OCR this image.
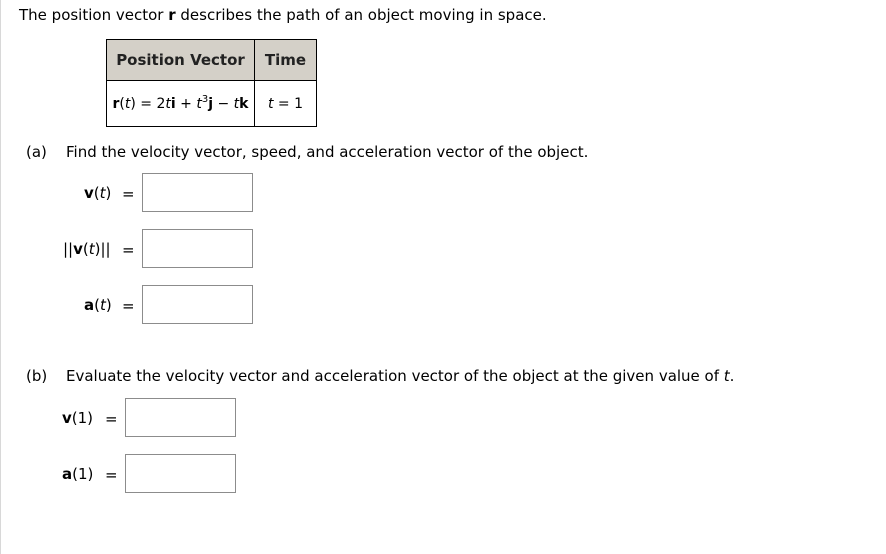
The position vector r describes the path of an object moving in space.
Position Vector	Time
$r(t) = 2ti + t^3j$ − tk	t = 1
(a) Find the velocity vector, speed, and acceleration vector of the object.
v(t) =
||v(t)|| =
a(t) =
(b) Evaluate the velocity vector and acceleration vector of the object at the given value of t.
v(1) =
a(1) =
